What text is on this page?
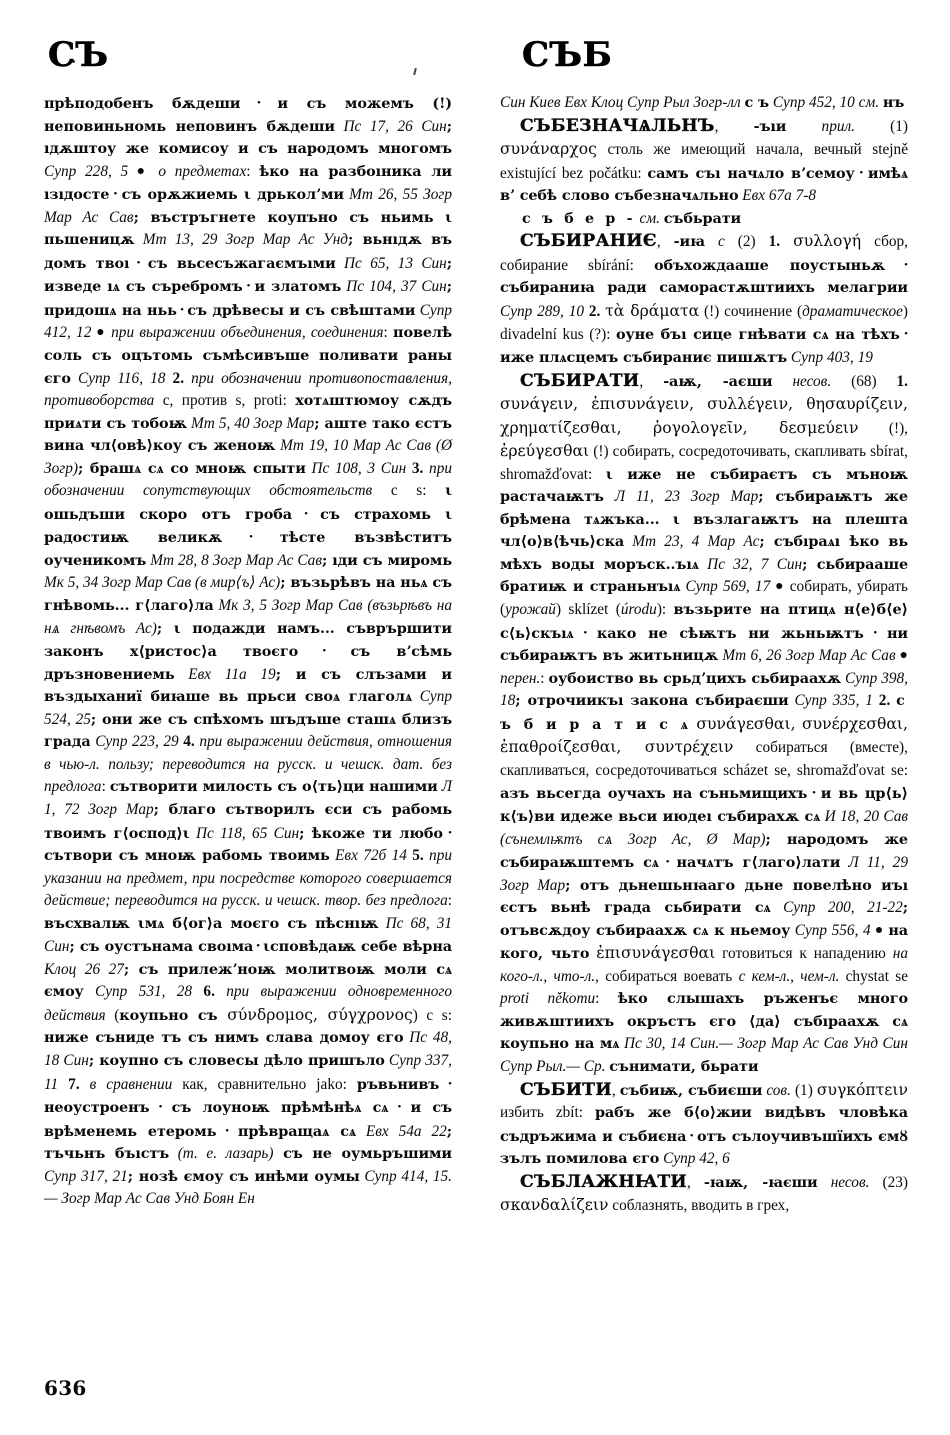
СЪ	СЪБ
прѣподобенъ бѫдеши • и съ можемъ (!) неповиньномь неповинъ бѫдеши Пс 17, 26 Син; ıдѫштоу же комисоу и съ народомъ многомъ Супр 228, 5 ● о предметах: ѣко на разбоıника ли ıзıдосте • съ орѫжиемь ι дрьколʼми Мт 26, 55 Зогр Мар Ас Сав; въстръгнете коупъно съ ньимь ι пьшеницѫ Мт 13, 29 Зогр Мар Ас Унд; вьнıдѫ въ домъ твоı • съ вьсесъжагаємъıми Пс 65, 13 Син; изведе ıѧ съ съребромъ • и златомъ Пс 104, 37 Син; придошѧ на ньь • съ дрѣвесы и съ свѣштами Супр 412, 12 ● при выражении объединения, соединения: повелѣ соль съ оцътомь съмѣсивъше поливати раны єго Супр 116, 18 2. при обозначении противопоставления, противоборства с, против s, proti: хотѧштюмоу сѫдъ приѧти съ тобоѭ Мт 5, 40 Зогр Мар; аште тако єстъ вина чл⟨овѣ⟩коу съ женоѭ Мт 19, 10 Мар Ас Сав (Ø Зогр); брашѧ сѧ со мноѭ спыти Пс 108, 3 Син 3. при обозначении сопутствующих обстоятельств с s: ι ошьдъши скоро отъ гроба • съ страхомь ι радостиѭ великѫ • тѣсте възвѣститъ оученикомъ Мт 28, 8 Зогр Мар Ас Сав; ıди съ миромь Мк 5, 34 Зогр Мар Сав (в мир⟨ъ⟩ Ас); възьрѣвъ на ньѧ съ гнѣвомь... г⟨лаго⟩ла Мк 3, 5 Зогр Мар Сав (възьрѣвъ на нѧ гнѣвомъ Ас); ι подажди намъ... съврършити законъ х⟨ристос⟩а твоєго • съ вʼсѣмь дръзновениемь Евх 11а 19; и съ слъзами и въздыханиї биꙗше вь прьси своѧ глаголѧ Супр 524, 25; они же съ спѣхомъ шъдъше сташѧ близъ града Супр 223, 29 4. при выражении действия, отношения в чью-л. пользу; переводится на русск. и чешск. дат. без предлога: сътворити милость съ о⟨ть⟩ци нашими Л 1, 72 Зогр Мар; благо сътворилъ єси съ рабомь твоимъ г⟨оспод⟩ι Пс 118, 65 Син; ѣкоже ти любо • сътвори съ мноѭ рабомь твоимь Евх 72б 14 5. при указании на предмет, при посредстве которого совершается действие; переводится на русск. и чешск. твор. без предлога: въсхвалѭ ιмѧ б⟨ог⟩а моєго съ пѣснıѭ Пс 68, 31 Син; съ оустънама своıма • ιсповѣдаѭ себе вѣрна Клоц 26 27; съ прилежʼноѭ молитвоѭ моли сѧ ємоу Супр 531, 28 6. при выражении одновременного действия (коупьно съ σύνδρομος, σύγχρονος) с s: ниже съниде тъ съ нимъ слава домоу єго Пс 48, 18 Син; коупно съ словесы дѣло пришъло Супр 337, 11 7. в сравнении как, сравнительно jako: ръвьнивъ • неоустроенъ • съ лоуноѭ прѣмѣнѣѧ сѧ • и съ врѣменемь етеромь • прѣвращаѧ сѧ Евх 54а 22; тъчьнъ бъıстъ (т. е. лазарь) съ не оумьръшими Супр 317, 21; нозѣ ємоу съ инѣми оумы Супр 414, 15.— Зогр Мар Ас Сав Унд Боян Ен
Син Киев Евх Клоц Супр Рыл Зогр-лл с ъ Супр 452, 10 см. нъ
СЪБЕЗНАЧѦЛЬНЪ, -ъıи прил. (1) συνάναρχος столь же имеющий начала, вечный stejně existující bez počátku: самъ съı начѧло вʼсемоу • имѣѧ вʼ себѣ слово събезначѧльно Евх 67а 7-8
с ъ б е р - см. събьрати
СЪБИРАНИЄ, -иꙗ с (2) 1. συλλογή сбор, собирание sbírání: объхождааше поустыньѫ • събираниꙗ ради саморастѫштиихъ мелагрии Супр 289, 10 2. τὰ δράματα (!) сочинение (драматическое) divadelní kus (?): оуне бъı сице гнѣвати сѧ на тѣхъ • иже плѧсцемъ събираниє пишѫтъ Супр 403, 19
СЪБИРАТИ, -аѭ, -аєши несов. (68) 1. συνάγειν, ἐπισυνάγειν, συλλέγειν, θησαυρίζειν, χρηματίζεσθαι, ῥογολογεῖν, δεσμεύειν (!), ἐρεύγεσθαι (!) собирать, сосредоточивать, скапливать sbírat, shromažďovat: ι иже не събираєтъ съ мъноѭ растачаѭтъ Л 11, 23 Зогр Мар; събираѭтъ же брѣмена тѧжъка... ι възлагаѭтъ на плешта чл⟨о⟩в⟨ѣчь⟩ска Мт 23, 4 Мар Ас; събıраѧı ѣко вь мѣхъ воды моръск..ъıѧ Пс 32, 7 Син; сьбирааше братиѭ и страньнъıѧ Супр 569, 17 ● собирать, убирать (урожай) sklízet (úrodu): възьрите на птицѧ н⟨е⟩б⟨е⟩с⟨ь⟩скъıѧ • како не сѣѭтъ ни жьньѭтъ • ни събираѭтъ въ житьницѫ Мт 6, 26 Зогр Мар Ас Сав ● перен.: оубоиство вь срьдʼцихъ сьбираахѫ Супр 398, 18; отрочиикъı закона събираєши Супр 335, 1 2. с ъ б и р а т и с ѧ συνάγεσθαι, συνέρχεσθαι, ἐπαθροίζεσθαι, συντρέχειν собираться (вместе), скапливаться, сосредоточиваться scházet se, shromažďovat se: азъ вьсегда оучахъ на съньмищихъ • и вь цр⟨ь⟩к⟨ъ⟩ви идеже вьси июдеı събирахѫ сѧ И 18, 20 Сав (сънемлѭтъ сѧ Зогр Ас, Ø Мар); народомъ же събираѭштемъ сѧ • начѧтъ г⟨лаго⟩лати Л 11, 29 Зогр Мар; отъ дьнешьнꙗаго дьне повелѣно иъı єстъ вьнѣ града сьбирати сѧ Супр 200, 21-22; отъвсѫдоу събираахѫ сѧ к ньемоу Супр 556, 4 ● на кого, чьто ἐπισυνάγεσθαι готовиться к нападению на кого-л., что-л., собираться воевать с кем-л., чем-л. chystat se proti někomu: ѣко слышахъ ръженъє много живѫштиихъ окръстъ єго ⟨да⟩ събıраахѫ сѧ коупьно на мѧ Пс 30, 14 Син.— Зогр Мар Ас Сав Унд Син Супр Рыл.— Ср. сънимати, бьрати
СЪБИТИ, събиѭ, събиєши сов. (1) συγκόπτειν избить zbít: рабъ же б⟨о⟩жии видѣвъ чловѣка съдръжима и събиєна • отъ сълоучивъшїихъ ємȣ зълъ помилова єго Супр 42, 6
СЪБЛАЖНꙖТИ, -ꙗѭ, -ꙗєши несов. (23) σκανδαλίζειν соблазнять, вводить в грех,
636
